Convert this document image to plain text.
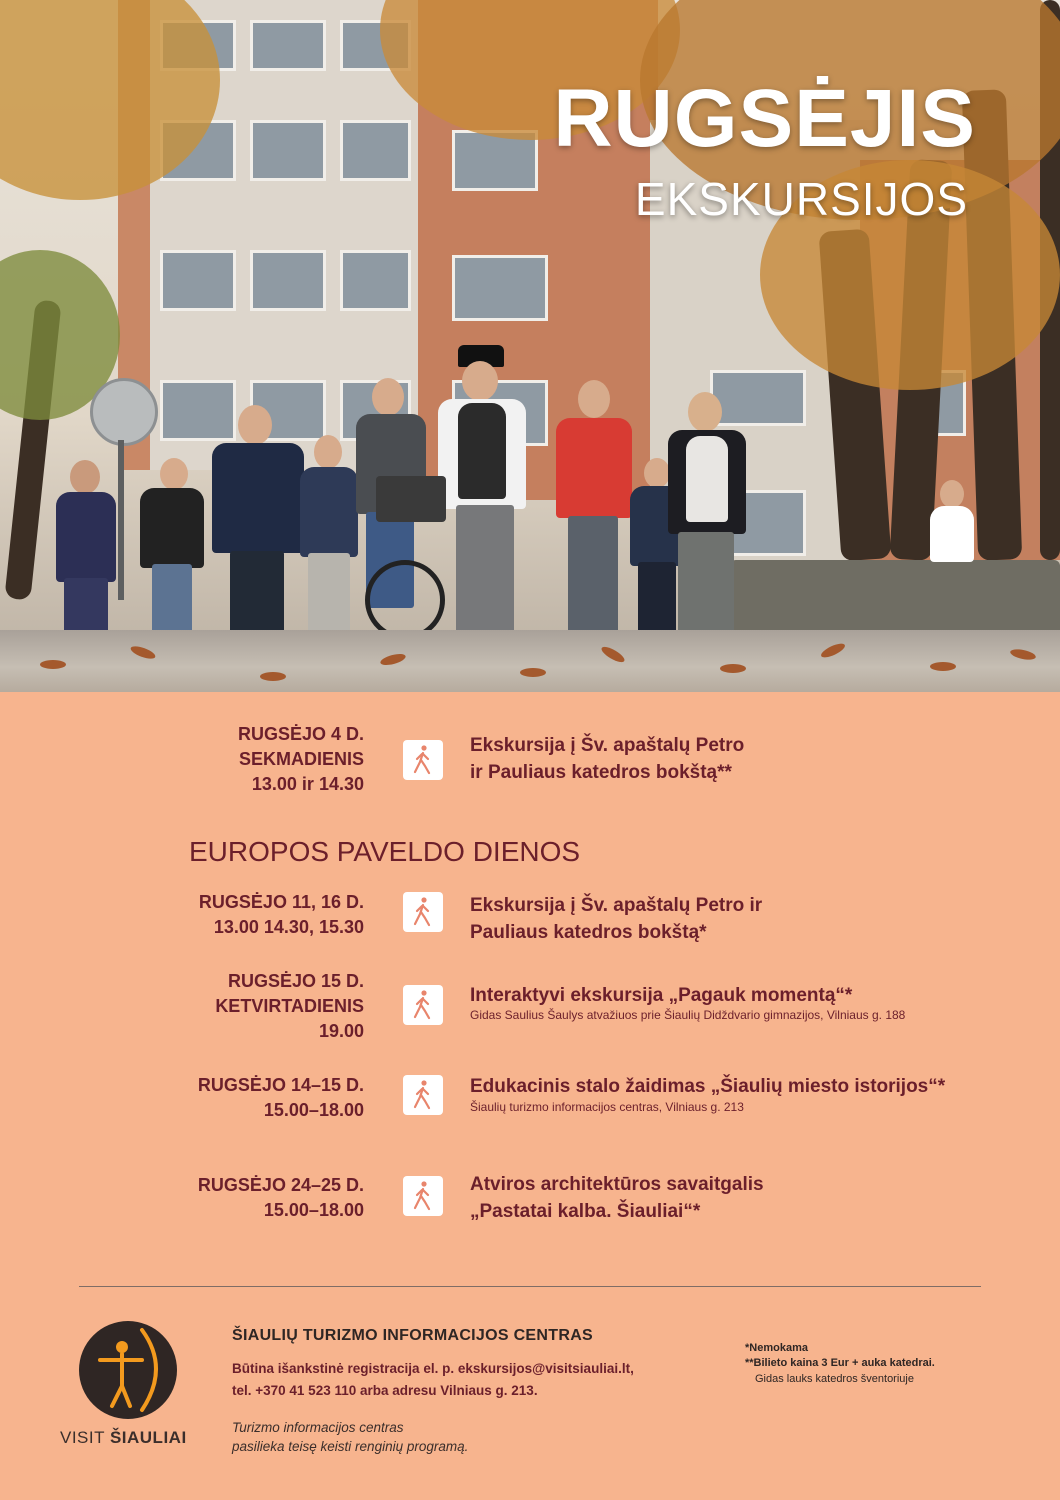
RUGSĖJIS
EKSKURSIJOS
RUGSĖJO 4 D.
SEKMADIENIS
13.00 ir 14.30
Ekskursija į Šv. apaštalų Petro
ir Pauliaus katedros bokštą**
EUROPOS PAVELDO DIENOS
RUGSĖJO 11, 16 D.
13.00 14.30, 15.30
Ekskursija į Šv. apaštalų Petro ir
Pauliaus katedros bokštą*
RUGSĖJO 15 D.
KETVIRTADIENIS
19.00
Interaktyvi ekskursija „Pagauk momentą“*
Gidas Saulius Šaulys atvažiuos prie Šiaulių Didždvario gimnazijos, Vilniaus g. 188
RUGSĖJO 14–15 D.
15.00–18.00
Edukacinis stalo žaidimas „Šiaulių miesto istorijos“*
Šiaulių turizmo informacijos centras, Vilniaus g. 213
RUGSĖJO 24–25 D.
15.00–18.00
Atviros architektūros savaitgalis
„Pastatai kalba. Šiauliai“*
VISIT ŠIAULIAI
ŠIAULIŲ TURIZMO INFORMACIJOS CENTRAS
Būtina išankstinė registracija el. p. ekskursijos@visitsiauliai.lt,
tel. +370 41 523 110 arba adresu Vilniaus g. 213.
Turizmo informacijos centras
pasilieka teisę keisti renginių programą.
*Nemokama
**Bilieto kaina 3 Eur + auka katedrai.
Gidas lauks katedros šventoriuje
